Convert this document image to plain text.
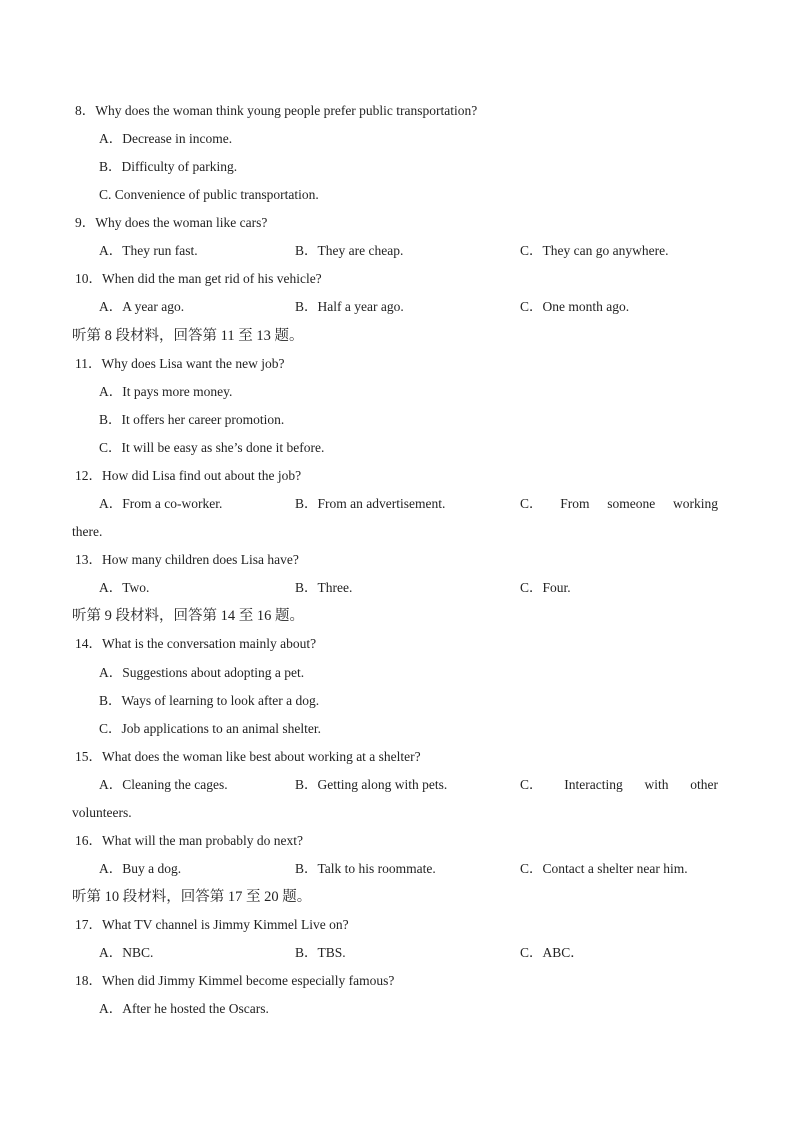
8．Why does the woman think young people prefer public transportation?
A．Decrease in income.
B．Difficulty of parking.
C. Convenience of public transportation.
9．Why does the woman like cars?
A．They run fast.	B．They are cheap.	C．They can go anywhere.
10．When did the man get rid of his vehicle?
A．A year ago.	B．Half a year ago.	C．One month ago.
听第 8 段材料，回答第 11 至 13 题。
11．Why does Lisa want the new job?
A．It pays more money.
B．It offers her career promotion.
C．It will be easy as she’s done it before.
12．How did Lisa find out about the job?
A．From a co-worker.	B．From an advertisement.	C． From someone working
there.
13．How many children does Lisa have?
A．Two.	B．Three.	C．Four.
听第 9 段材料，回答第 14 至 16 题。
14．What is the conversation mainly about?
A．Suggestions about adopting a pet.
B．Ways of learning to look after a dog.
C．Job applications to an animal shelter.
15．What does the woman like best about working at a shelter?
A．Cleaning the cages.	B．Getting along with pets.	C． Interacting with other
volunteers.
16．What will the man probably do next?
A．Buy a dog.	B．Talk to his roommate.	C．Contact a shelter near him.
听第 10 段材料，回答第 17 至 20 题。
17．What TV channel is Jimmy Kimmel Live on?
A．NBC.	B．TBS.	C．ABC．
18．When did Jimmy Kimmel become especially famous?
A．After he hosted the Oscars.
